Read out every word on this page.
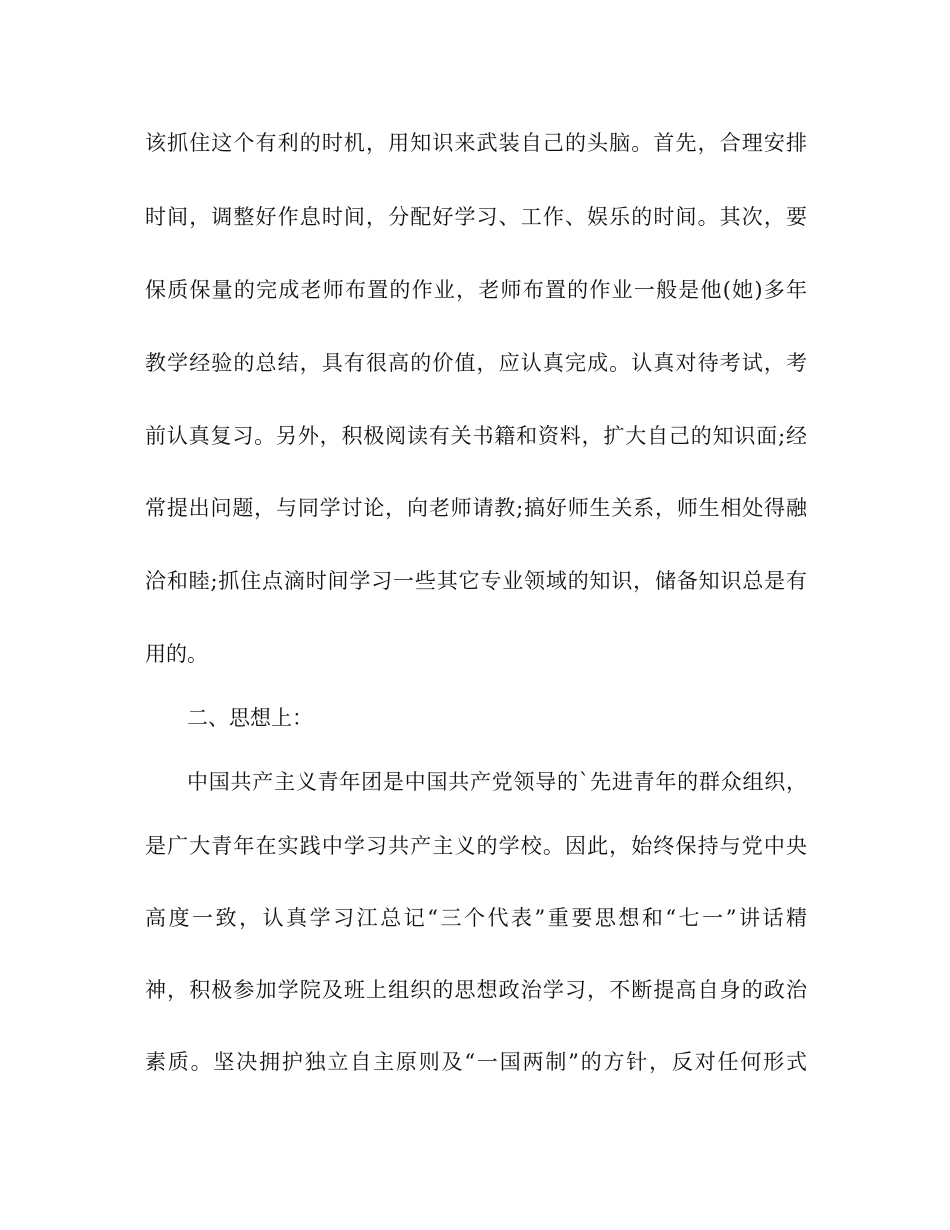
该抓住这个有利的时机，用知识来武装自己的头脑。首先，合理安排
时间，调整好作息时间，分配好学习、工作、娱乐的时间。其次，要
保质保量的完成老师布置的作业，老师布置的作业一般是他(她)多年
教学经验的总结，具有很高的价值，应认真完成。认真对待考试，考
前认真复习。另外，积极阅读有关书籍和资料，扩大自己的知识面;经
常提出问题，与同学讨论，向老师请教;搞好师生关系，师生相处得融
洽和睦;抓住点滴时间学习一些其它专业领域的知识，储备知识总是有
用的。
二、思想上：
中国共产主义青年团是中国共产党领导的`先进青年的群众组织，
是广大青年在实践中学习共产主义的学校。因此，始终保持与党中央
高度一致，认真学习江总记“三个代表”重要思想和“七一”讲话精
神，积极参加学院及班上组织的思想政治学习，不断提高自身的政治
素质。坚决拥护独立自主原则及“一国两制”的方针，反对任何形式
